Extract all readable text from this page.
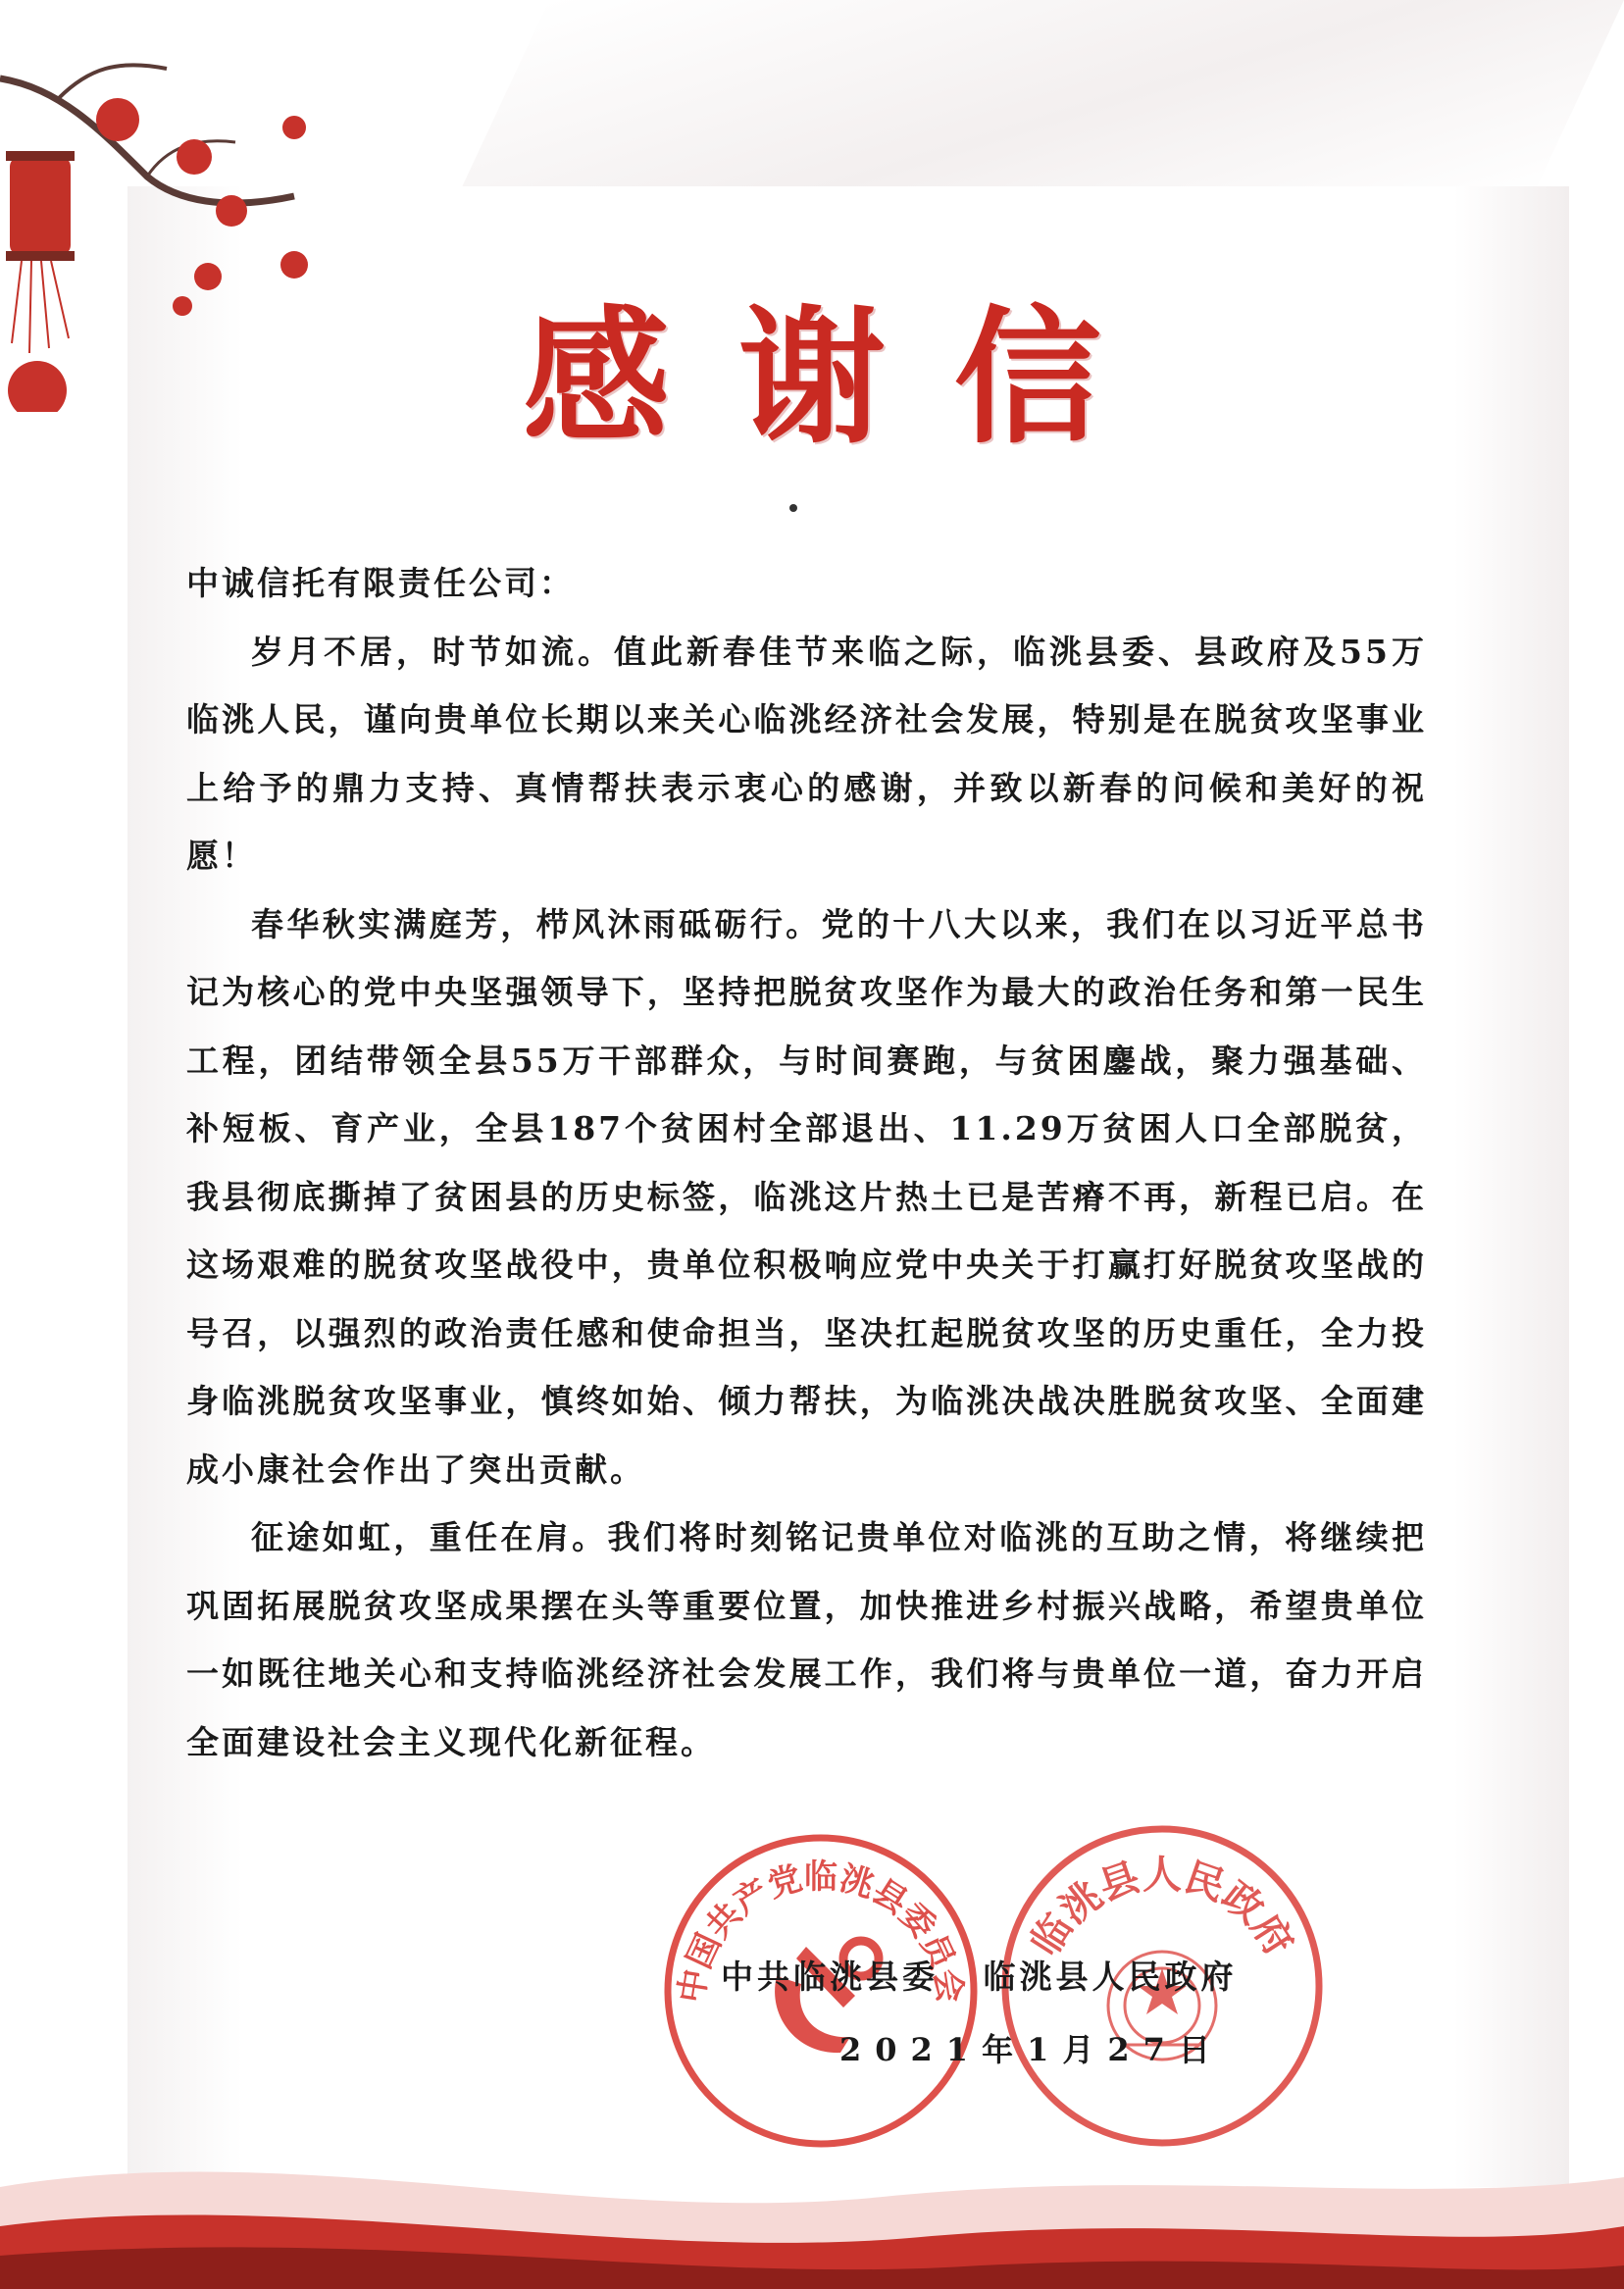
感谢信

中诚信托有限责任公司：

岁月不居，时节如流。值此新春佳节来临之际，临洮县委、县政府及55万临洮人民，谨向贵单位长期以来关心临洮经济社会发展，特别是在脱贫攻坚事业上给予的鼎力支持、真情帮扶表示衷心的感谢，并致以新春的问候和美好的祝愿！

春华秋实满庭芳，栉风沐雨砥砺行。党的十八大以来，我们在以习近平总书记为核心的党中央坚强领导下，坚持把脱贫攻坚作为最大的政治任务和第一民生工程，团结带领全县55万干部群众，与时间赛跑，与贫困鏖战，聚力强基础、补短板、育产业，全县187个贫困村全部退出、11.29万贫困人口全部脱贫，我县彻底撕掉了贫困县的历史标签，临洮这片热土已是苦瘠不再，新程已启。在这场艰难的脱贫攻坚战役中，贵单位积极响应党中央关于打赢打好脱贫攻坚战的号召，以强烈的政治责任感和使命担当，坚决扛起脱贫攻坚的历史重任，全力投身临洮脱贫攻坚事业，慎终如始、倾力帮扶，为临洮决战决胜脱贫攻坚、全面建成小康社会作出了突出贡献。

征途如虹，重任在肩。我们将时刻铭记贵单位对临洮的互助之情，将继续把巩固拓展脱贫攻坚成果摆在头等重要位置，加快推进乡村振兴战略，希望贵单位一如既往地关心和支持临洮经济社会发展工作，我们将与贵单位一道，奋力开启全面建设社会主义现代化新征程。

中国共产党临洮县委员会
临洮县人民政府
中共临洮县委 临洮县人民政府
2021年1月27日
